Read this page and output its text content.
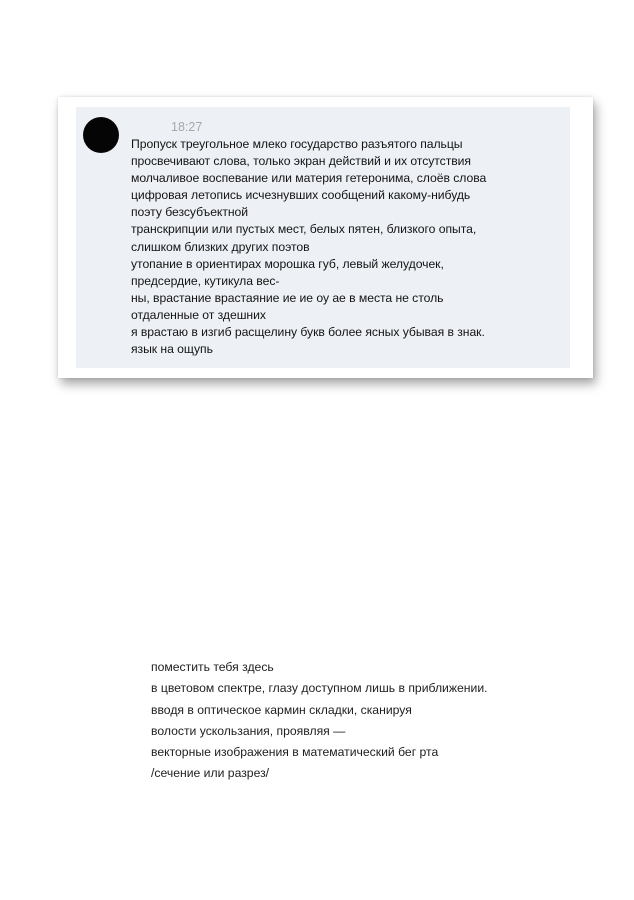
18:27
Пропуск треугольное млеко государство разъятого пальцы
просвечивают слова, только экран действий и их отсутствия
молчаливое воспевание или материя гетеронима, слоёв слова
цифровая летопись исчезнувших сообщений какому-нибудь
поэту безсубъектной
транскрипции или пустых мест, белых пятен, близкого опыта,
слишком близких других поэтов
утопание в ориентирах морошка губ, левый желудочек,
предсердие, кутикула вес-
ны, врастание врастаяние ие ие оу ае в места не столь
отдаленные от здешних
я врастаю в изгиб расщелину букв более ясных убывая в знак.
язык на ощупь
поместить тебя здесь
в цветовом спектре, глазу доступном лишь в приближении.
вводя в оптическое кармин складки, сканируя
волости ускользания, проявляя —
векторные изображения в математический бег рта
/сечение или разрез/
